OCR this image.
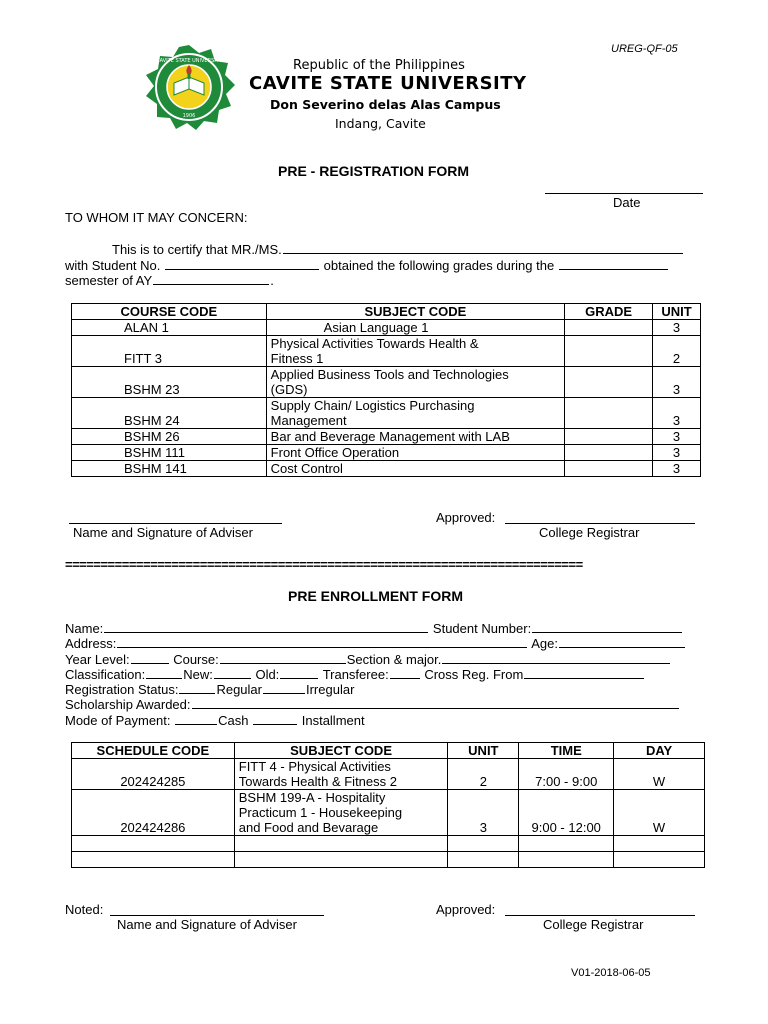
UREG-QF-05
CAVITE STATE UNIVERSITY
1906
Republic of the Philippines
CAVITE STATE UNIVERSITY
Don Severino delas Alas Campus
Indang, Cavite
PRE - REGISTRATION FORM
Date
TO WHOM IT MAY CONCERN:
This is to certify that MR./MS.
with Student No.	obtained the following grades during the
semester of AY	.
COURSE CODE	SUBJECT CODE	GRADE	UNIT
ALAN 1	Asian Language 1		3
FITT 3	Physical Activities Towards Health &
Fitness 1		2
BSHM 23	Applied Business Tools and Technologies
(GDS)		3
BSHM 24	Supply Chain/ Logistics Purchasing
Management		3
BSHM 26	Bar and Beverage Management with LAB		3
BSHM 111	Front Office Operation		3
BSHM 141	Cost Control		3
Name and Signature of Adviser
Approved:
College Registrar
=========================================================================
PRE ENROLLMENT FORM
Name:	Student Number:
Address:	Age:
Year Level:	Course:	Section & major.
Classification:	New:	Old:	Transferee:	Cross Reg. From
Registration Status:	Regular	Irregular
Scholarship Awarded:
Mode of Payment:	Cash	Installment
SCHEDULE CODE	SUBJECT CODE	UNIT	TIME	DAY
202424285	FITT 4 - Physical Activities
Towards Health & Fitness 2	2	7:00 - 9:00	W
202424286	BSHM 199-A - Hospitality
Practicum 1 - Housekeeping
and Food and Bevarage	3	9:00 - 12:00	W

Noted:
Name and Signature of Adviser
Approved:
College Registrar
V01-2018-06-05
